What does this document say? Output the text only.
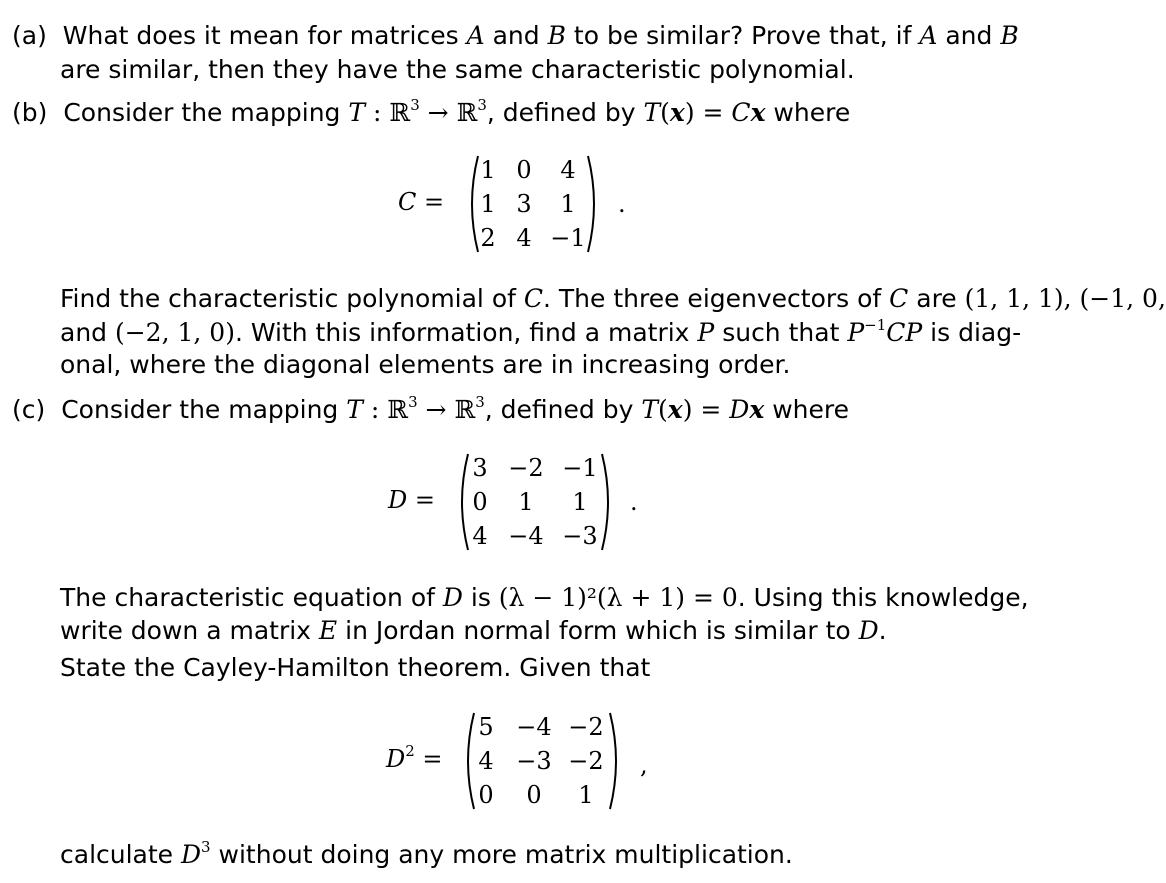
(a) What does it mean for matrices A and B to be similar? Prove that, if A and B
are similar, then they have the same characteristic polynomial.
(b) Consider the mapping T : ℝ$^3$ → ℝ$^3$, defined by T(x) = Cx where
C =
1 0	4
1 3	1
2 4 −1
.
Find the characteristic polynomial of C. The three eigenvectors of C are (1, 1, 1), (−1, 0,
and (−2, 1, 0). With this information, find a matrix P such that $P^{-1}CP$ is diag-
onal, where the diagonal elements are in increasing order.
(c) Consider the mapping T : ℝ$^3$ → ℝ$^3$, defined by T(x) = Dx where
D =
3 −2 −1
0	1	1
4 −4 −3
.
The characteristic equation of D is (λ − 1)²(λ + 1) = 0. Using this knowledge,
write down a matrix E in Jordan normal form which is similar to D.
State the Cayley-Hamilton theorem. Given that
$D^2$ =
5 −4 −2
4 −3 −2
0	0	1
,
calculate $D^3$ without doing any more matrix multiplication.
